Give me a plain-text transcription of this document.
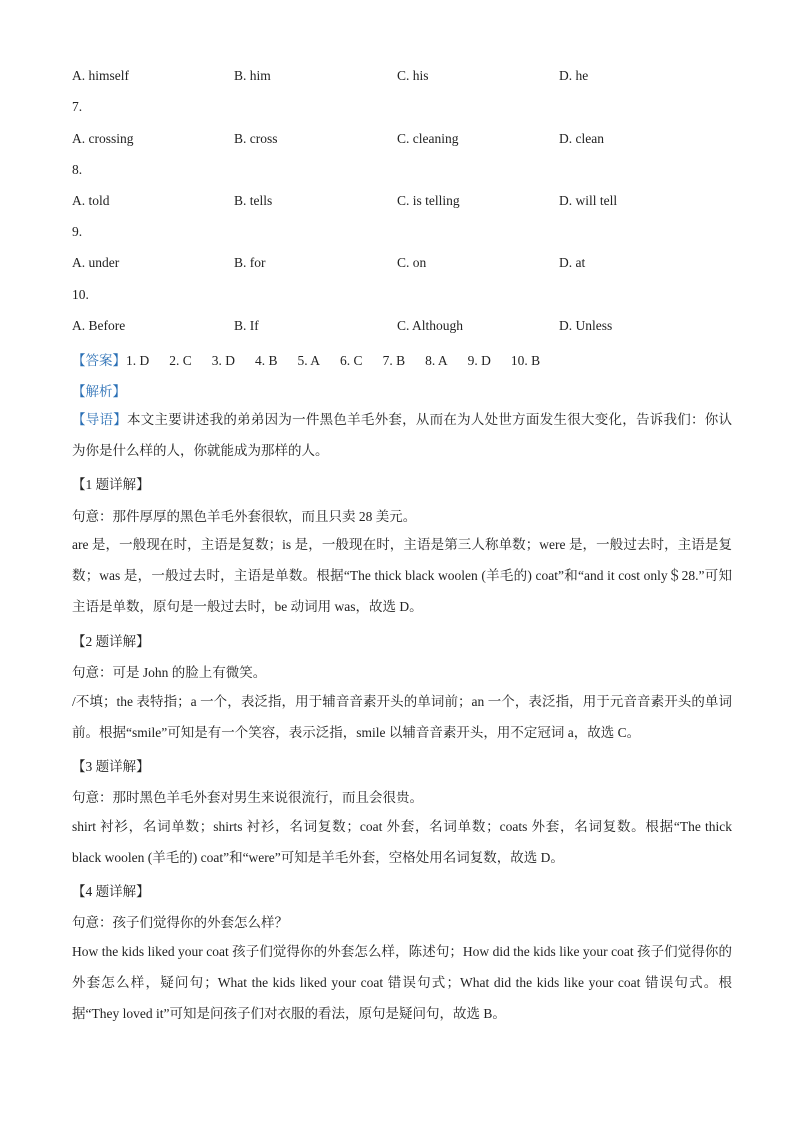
A. himself	B. him	C. his	D. he
7.
A. crossing	B. cross	C. cleaning	D. clean
8.
A. told	B. tells	C. is telling	D. will tell
9.
A. under	B. for	C. on	D. at
10.
A. Before	B. If	C. Although	D. Unless
【答案】1. D 2. C 3. D 4. B 5. A 6. C 7. B 8. A 9. D 10. B
【解析】
【导语】本文主要讲述我的弟弟因为一件黑色羊毛外套，从而在为人处世方面发生很大变化，告诉我们：你认为你是什么样的人，你就能成为那样的人。
【1 题详解】
句意：那件厚厚的黑色羊毛外套很软，而且只卖 28 美元。
are 是，一般现在时，主语是复数；is 是，一般现在时，主语是第三人称单数；were 是，一般过去时，主语是复数；was 是，一般过去时，主语是单数。根据“The thick black woolen (羊毛的) coat”和“and it cost only＄28.”可知主语是单数，原句是一般过去时，be 动词用 was，故选 D。
【2 题详解】
句意：可是 John 的脸上有微笑。
/不填；the 表特指；a 一个，表泛指，用于辅音音素开头的单词前；an 一个，表泛指，用于元音音素开头的单词前。根据“smile”可知是有一个笑容，表示泛指，smile 以辅音音素开头，用不定冠词 a，故选 C。
【3 题详解】
句意：那时黑色羊毛外套对男生来说很流行，而且会很贵。
shirt 衬衫，名词单数；shirts 衬衫，名词复数；coat 外套，名词单数；coats 外套，名词复数。根据“The thick black woolen (羊毛的) coat”和“were”可知是羊毛外套，空格处用名词复数，故选 D。
【4 题详解】
句意：孩子们觉得你的外套怎么样？
How the kids liked your coat 孩子们觉得你的外套怎么样，陈述句；How did the kids like your coat 孩子们觉得你的外套怎么样，疑问句；What the kids liked your coat 错误句式；What did the kids like your coat 错误句式。根据“They loved it”可知是问孩子们对衣服的看法，原句是疑问句，故选 B。
